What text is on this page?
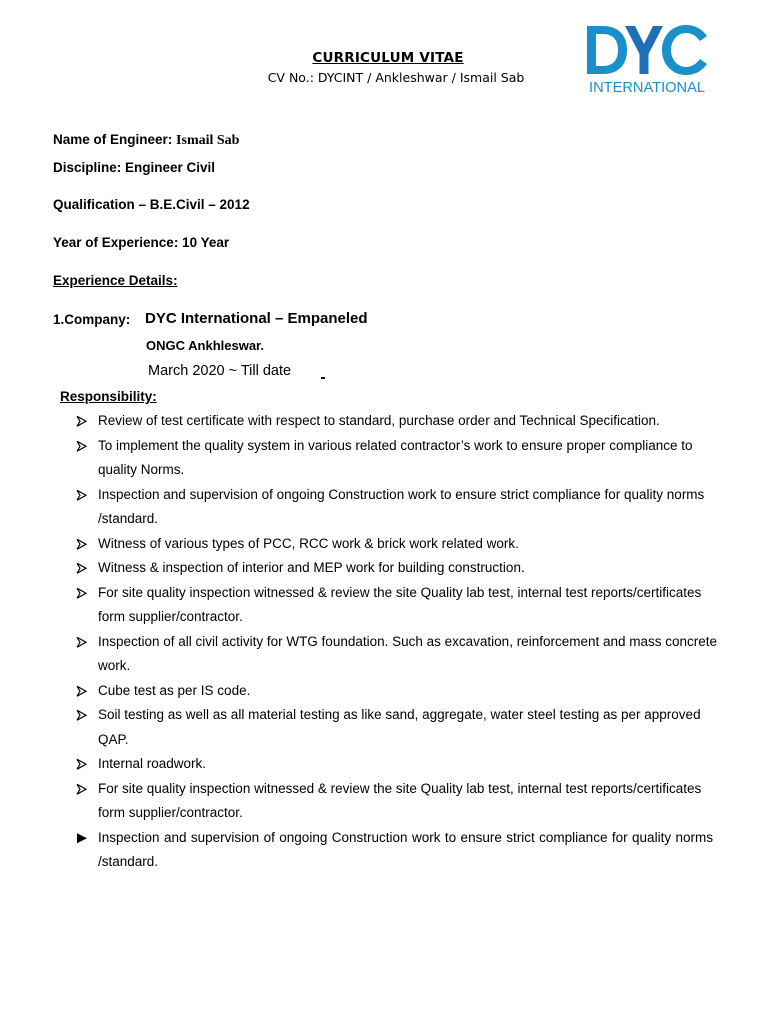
CURRICULUM VITAE
CV No.: DYCINT / Ankleshwar / Ismail Sab
INTERNATIONAL
Name of Engineer: Ismail Sab
Discipline: Engineer Civil
Qualification – B.E.Civil – 2012
Year of Experience: 10 Year
Experience Details:
1.Company: DYC International – Empaneled
ONGC Ankhleswar.
March 2020 ~ Till date
Responsibility:
Review of test certificate with respect to standard, purchase order and Technical Specification.
To implement the quality system in various related contractor’s work to ensure proper compliance to quality Norms.
Inspection and supervision of ongoing Construction work to ensure strict compliance for quality norms /standard.
Witness of various types of PCC, RCC work & brick work related work.
Witness & inspection of interior and MEP work for building construction.
For site quality inspection witnessed & review the site Quality lab test, internal test reports/certificates form supplier/contractor.
Inspection of all civil activity for WTG foundation. Such as excavation, reinforcement and mass concrete work.
Cube test as per IS code.
Soil testing as well as all material testing as like sand, aggregate, water steel testing as per approved QAP.
Internal roadwork.
For site quality inspection witnessed & review the site Quality lab test, internal test reports/certificates form supplier/contractor.
Inspection and supervision of ongoing Construction work to ensure strict compliance for quality norms /standard.
